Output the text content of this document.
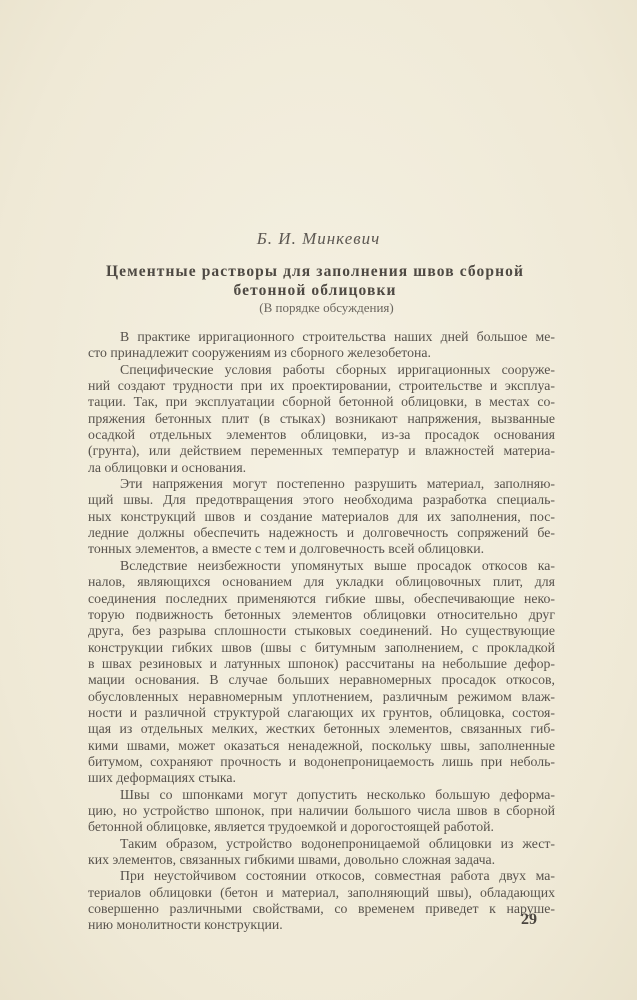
Б. И. Минкевич
Цементные растворы для заполнения швов сборной
бетонной облицовки
(В порядке обсуждения)
В практике ирригационного строительства наших дней большое ме-
сто принадлежит сооружениям из сборного железобетона.
Специфические условия работы сборных ирригационных сооруже-
ний создают трудности при их проектировании, строительстве и эксплуа-
тации. Так, при эксплуатации сборной бетонной облицовки, в местах со-
пряжения бетонных плит (в стыках) возникают напряжения, вызванные
осадкой отдельных элементов облицовки, из-за просадок основания
(грунта), или действием переменных температур и влажностей материа-
ла облицовки и основания.
Эти напряжения могут постепенно разрушить материал, заполняю-
щий швы. Для предотвращения этого необходима разработка специаль-
ных конструкций швов и создание материалов для их заполнения, пос-
ледние должны обеспечить надежность и долговечность сопряжений бе-
тонных элементов, а вместе с тем и долговечность всей облицовки.
Вследствие неизбежности упомянутых выше просадок откосов ка-
налов, являющихся основанием для укладки облицовочных плит, для
соединения последних применяются гибкие швы, обеспечивающие неко-
торую подвижность бетонных элементов облицовки относительно друг
друга, без разрыва сплошности стыковых соединений. Но существующие
конструкции гибких швов (швы с битумным заполнением, с прокладкой
в швах резиновых и латунных шпонок) рассчитаны на небольшие дефор-
мации основания. В случае больших неравномерных просадок откосов,
обусловленных неравномерным уплотнением, различным режимом влаж-
ности и различной структурой слагающих их грунтов, облицовка, состоя-
щая из отдельных мелких, жестких бетонных элементов, связанных гиб-
кими швами, может оказаться ненадежной, поскольку швы, заполненные
битумом, сохраняют прочность и водонепроницаемость лишь при неболь-
ших деформациях стыка.
Швы со шпонками могут допустить несколько большую деформа-
цию, но устройство шпонок, при наличии большого числа швов в сборной
бетонной облицовке, является трудоемкой и дорогостоящей работой.
Таким образом, устройство водонепроницаемой облицовки из жест-
ких элементов, связанных гибкими швами, довольно сложная задача.
При неустойчивом состоянии откосов, совместная работа двух ма-
териалов облицовки (бетон и материал, заполняющий швы), обладающих
совершенно различными свойствами, со временем приведет к наруше-
нию монолитности конструкции.	29
